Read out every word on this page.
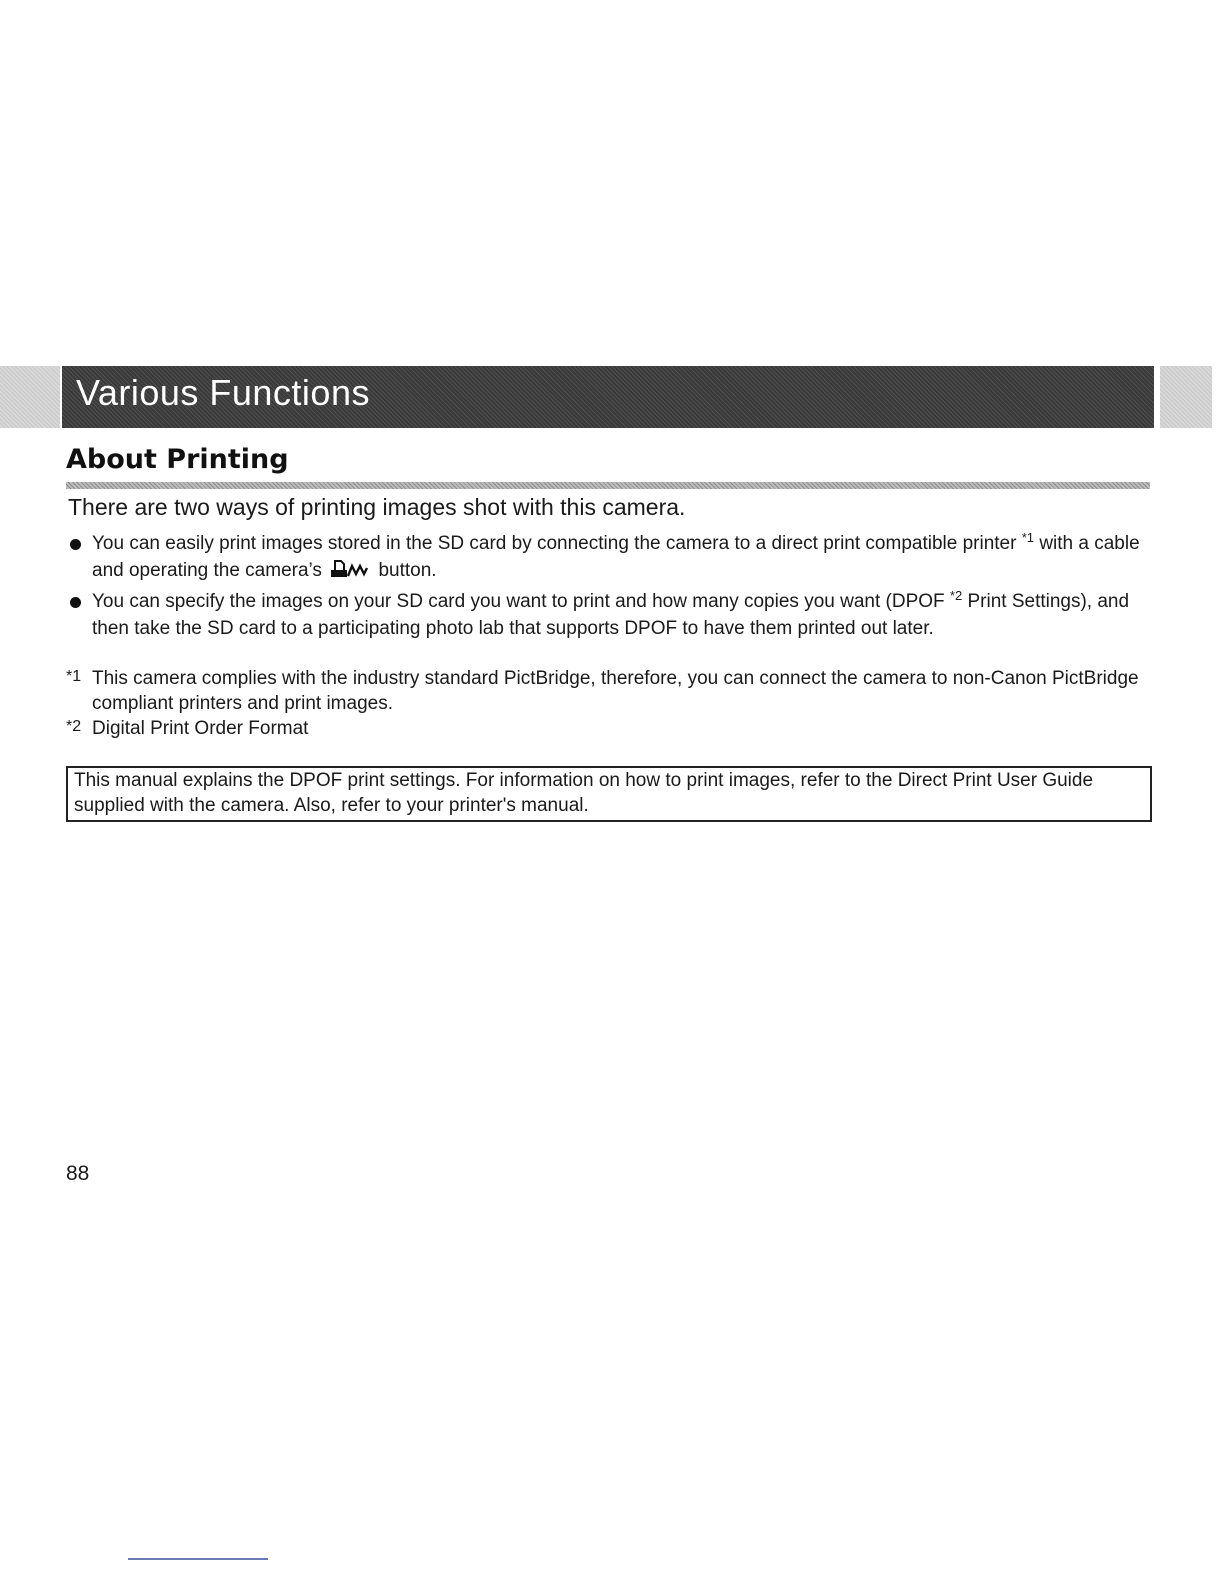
Various Functions
About Printing
There are two ways of printing images shot with this camera.
You can easily print images stored in the SD card by connecting the camera to a direct print compatible printer $^{*1}$ with a cable and operating the camera’s	button.
You can specify the images on your SD card you want to print and how many copies you want (DPOF $^{*2}$ Print Settings), and then take the SD card to a participating photo lab that supports DPOF to have them printed out later.
*1 This camera complies with the industry standard PictBridge, therefore, you can connect the camera to non-Canon PictBridge compliant printers and print images.
*2 Digital Print Order Format
This manual explains the DPOF print settings. For information on how to print images, refer to the Direct Print User Guide supplied with the camera. Also, refer to your printer's manual.
88
